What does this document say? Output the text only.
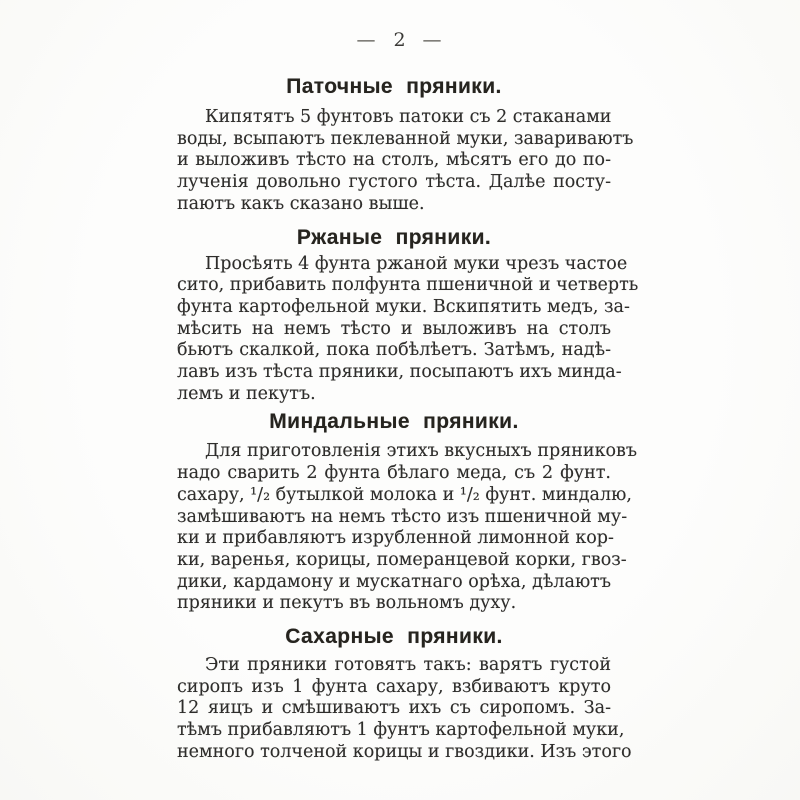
— 2 —
Паточные пряники.
Кипятятъ 5 фунтовъ патоки съ 2 стаканами
воды, всыпаютъ пеклеванной муки, завариваютъ
и выложивъ тѣсто на столъ, мѣсятъ его до по-
лученія довольно густого тѣста. Далѣе посту-
паютъ какъ сказано выше.
Ржаные пряники.
Просѣять 4 фунта ржаной муки чрезъ частое
сито, прибавить полфунта пшеничной и четверть
фунта картофельной муки. Вскипятить медъ, за-
мѣсить на немъ тѣсто и выложивъ на столъ
бьютъ скалкой, пока побѣлѣетъ. Затѣмъ, надѣ-
лавъ изъ тѣста пряники, посыпаютъ ихъ минда-
лемъ и пекутъ.
Миндальные пряники.
Для приготовленія этихъ вкусныхъ пряниковъ
надо сварить 2 фунта бѣлаго меда, съ 2 фунт.
сахару, ¹/₂ бутылкой молока и ¹/₂ фунт. миндалю,
замѣшиваютъ на немъ тѣсто изъ пшеничной му-
ки и прибавляютъ изрубленной лимонной кор-
ки, варенья, корицы, померанцевой корки, гвоз-
дики, кардамону и мускатнаго орѣха, дѣлаютъ
пряники и пекутъ въ вольномъ духу.
Сахарные пряники.
Эти пряники готовятъ такъ: варятъ густой
сиропъ изъ 1 фунта сахару, взбиваютъ круто
12 яицъ и смѣшиваютъ ихъ съ сиропомъ. За-
тѣмъ прибавляютъ 1 фунтъ картофельной муки,
немного толченой корицы и гвоздики. Изъ этого
